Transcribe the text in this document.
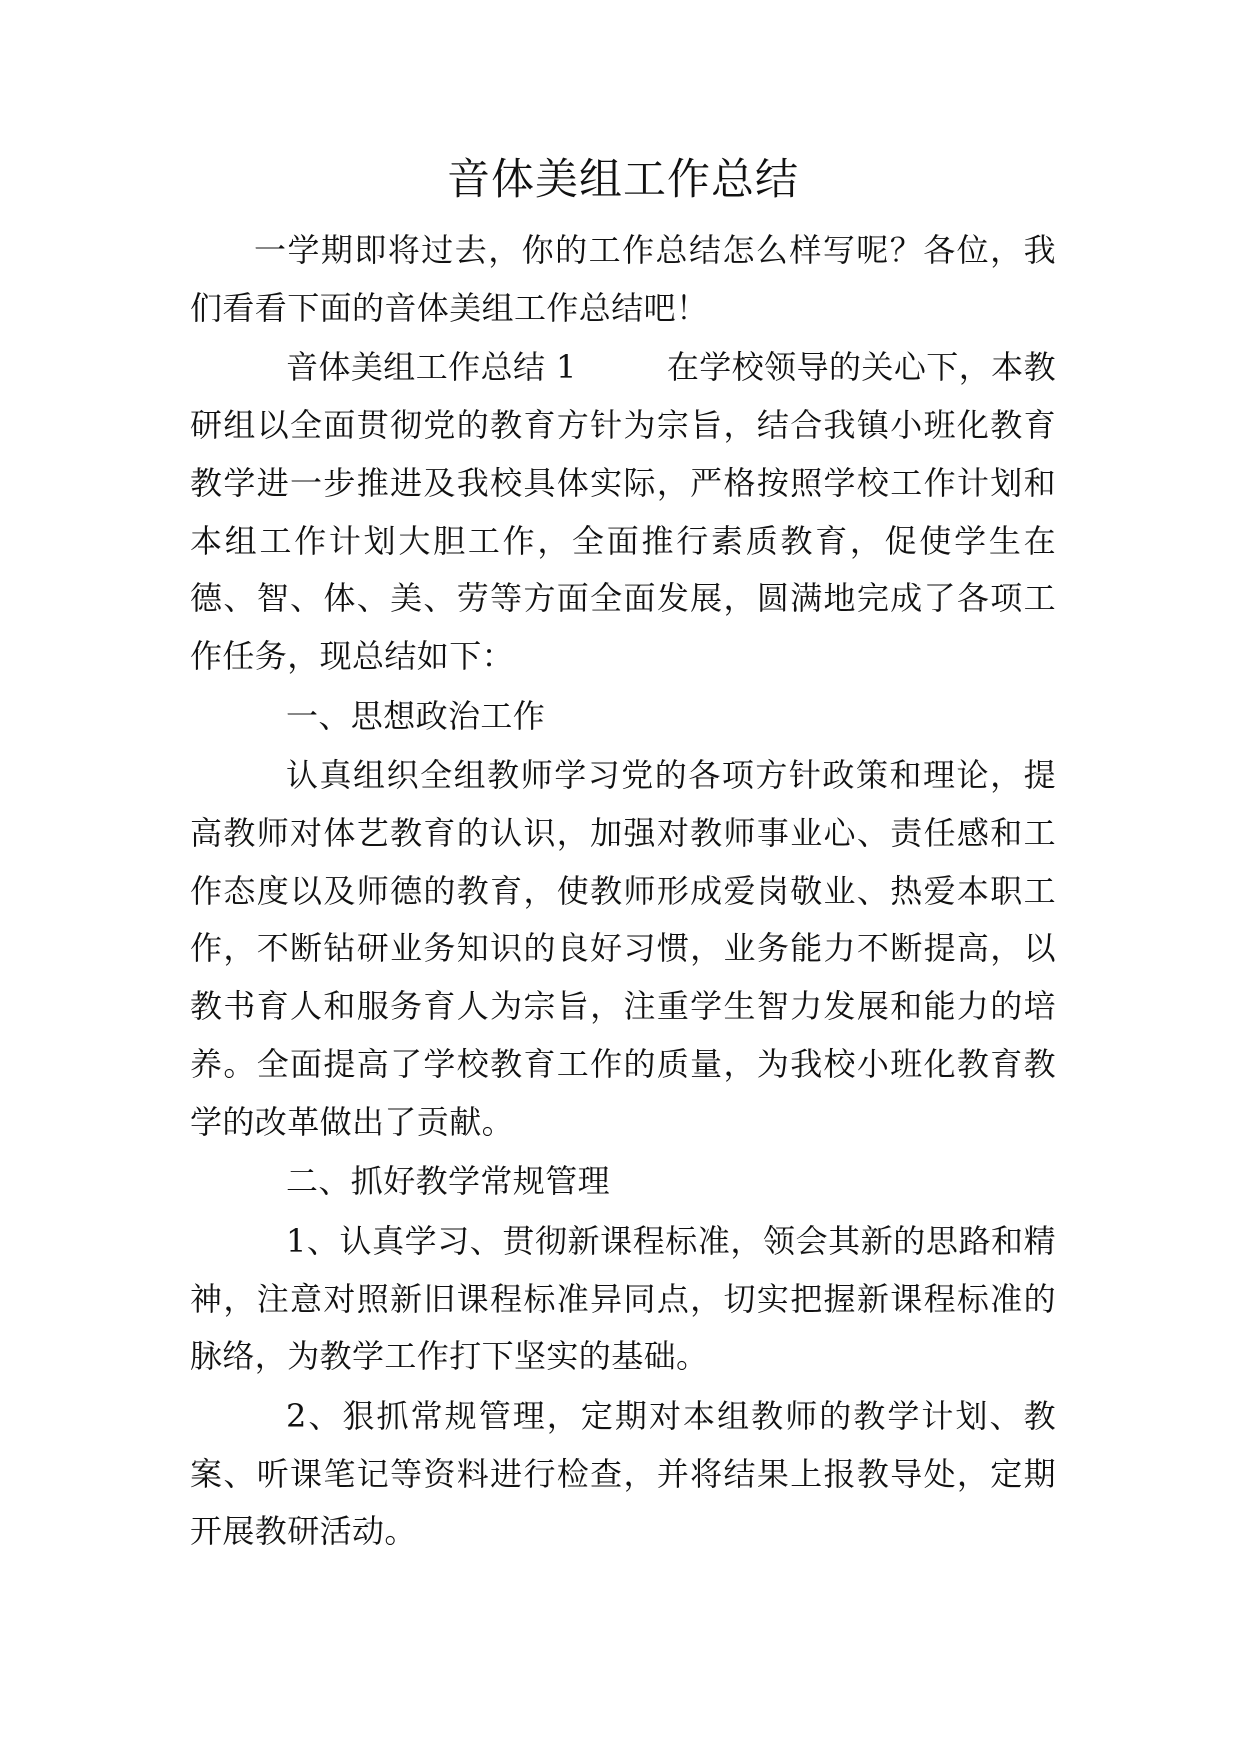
音体美组工作总结

一学期即将过去，你的工作总结怎么样写呢？各位，我们看看下面的音体美组工作总结吧！

音体美组工作总结 1	在学校领导的关心下，本教研组以全面贯彻党的教育方针为宗旨，结合我镇小班化教育教学进一步推进及我校具体实际，严格按照学校工作计划和本组工作计划大胆工作，全面推行素质教育，促使学生在德、智、体、美、劳等方面全面发展，圆满地完成了各项工作任务，现总结如下：

一、思想政治工作

认真组织全组教师学习党的各项方针政策和理论，提高教师对体艺教育的认识，加强对教师事业心、责任感和工作态度以及师德的教育，使教师形成爱岗敬业、热爱本职工作，不断钻研业务知识的良好习惯，业务能力不断提高，以教书育人和服务育人为宗旨，注重学生智力发展和能力的培养。全面提高了学校教育工作的质量，为我校小班化教育教学的改革做出了贡献。

二、抓好教学常规管理

1、认真学习、贯彻新课程标准，领会其新的思路和精神，注意对照新旧课程标准异同点，切实把握新课程标准的脉络，为教学工作打下坚实的基础。

2、狠抓常规管理，定期对本组教师的教学计划、教案、听课笔记等资料进行检查，并将结果上报教导处，定期开展教研活动。
